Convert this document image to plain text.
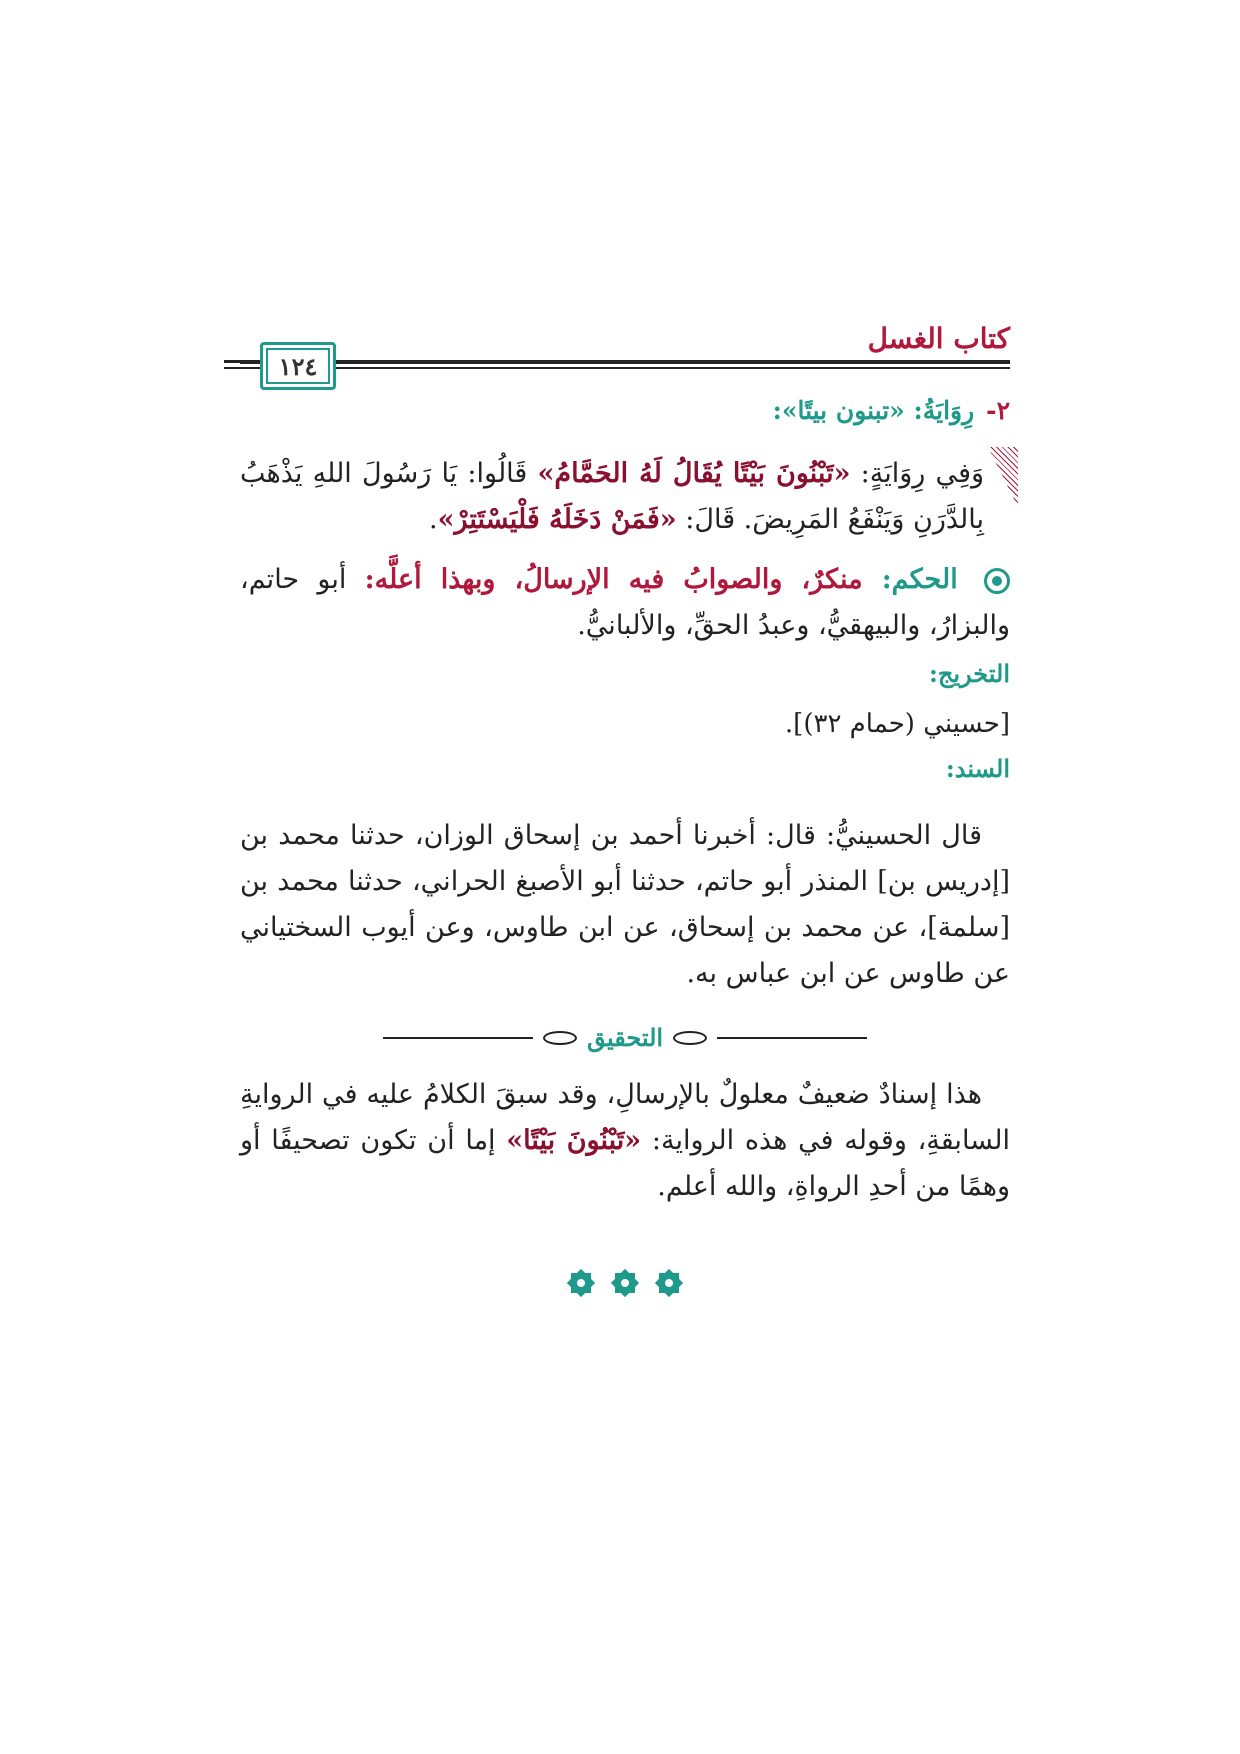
كتاب الغسل
١٢٤
٢-
رِوَايَةُ: «تبنون بيتًا»:
وَفِي رِوَايَةٍ: «تَبْنُونَ بَيْتًا يُقَالُ لَهُ الحَمَّامُ» قَالُوا: يَا رَسُولَ اللهِ يَذْهَبُ بِالدَّرَنِ وَيَنْفَعُ المَرِيضَ. قَالَ: «فَمَنْ دَخَلَهُ فَلْيَسْتَتِرْ».
الحكم: منكرٌ، والصوابُ فيه الإرسالُ، وبهذا أعلَّه: أبو حاتم، والبزارُ، والبيهقيُّ، وعبدُ الحقِّ، والألبانيُّ.
التخريج:
[حسيني (حمام ٣٢)].
السند:
قال الحسينيُّ: قال: أخبرنا أحمد بن إسحاق الوزان، حدثنا محمد بن [إدريس بن] المنذر أبو حاتم، حدثنا أبو الأصبغ الحراني، حدثنا محمد بن [سلمة]، عن محمد بن إسحاق، عن ابن طاوس، وعن أيوب السختياني عن طاوس عن ابن عباس به.
التحقيق
هذا إسنادٌ ضعيفٌ معلولٌ بالإرسالِ، وقد سبقَ الكلامُ عليه في الروايةِ السابقةِ، وقوله في هذه الرواية: «تَبْنُونَ بَيْتًا» إما أن تكون تصحيفًا أو وهمًا من أحدِ الرواةِ، والله أعلم.
